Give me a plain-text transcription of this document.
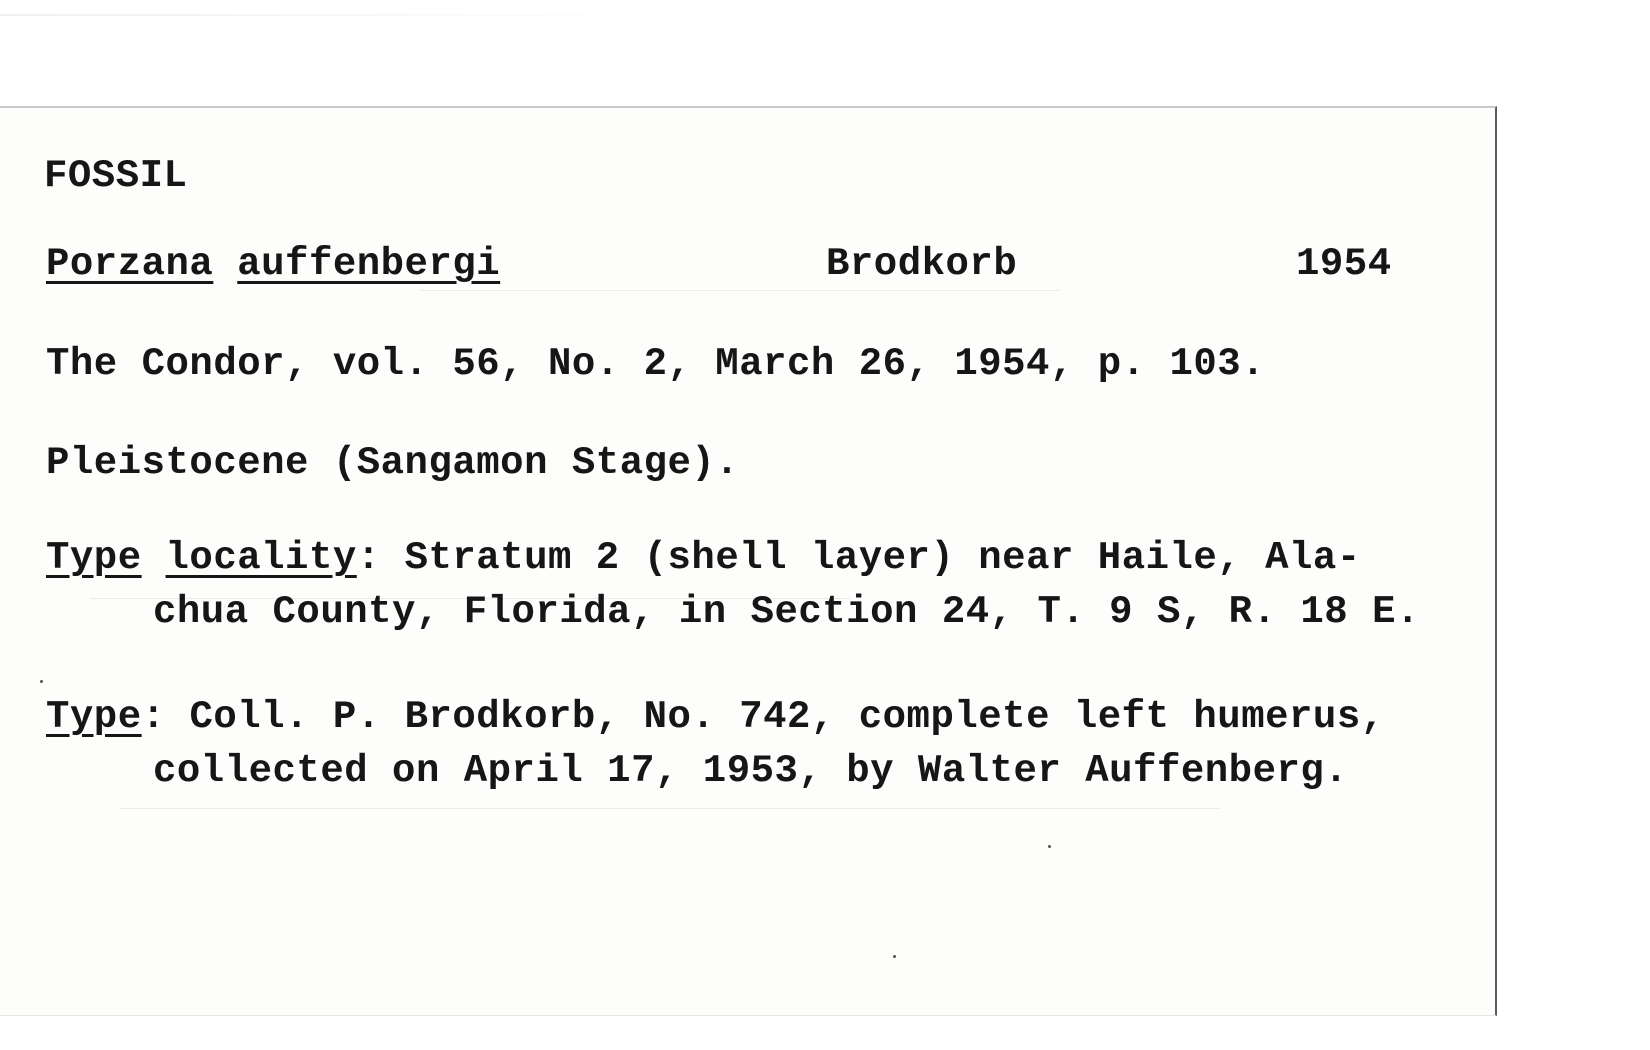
FOSSIL
Porzana auffenbergi	Brodkorb	1954
The Condor, vol. 56, No. 2, March 26, 1954, p. 103.
Pleistocene (Sangamon Stage).
Type locality: Stratum 2 (shell layer) near Haile, Ala-
chua County, Florida, in Section 24, T. 9 S, R. 18 E.
Type: Coll. P. Brodkorb, No. 742, complete left humerus,
collected on April 17, 1953, by Walter Auffenberg.
